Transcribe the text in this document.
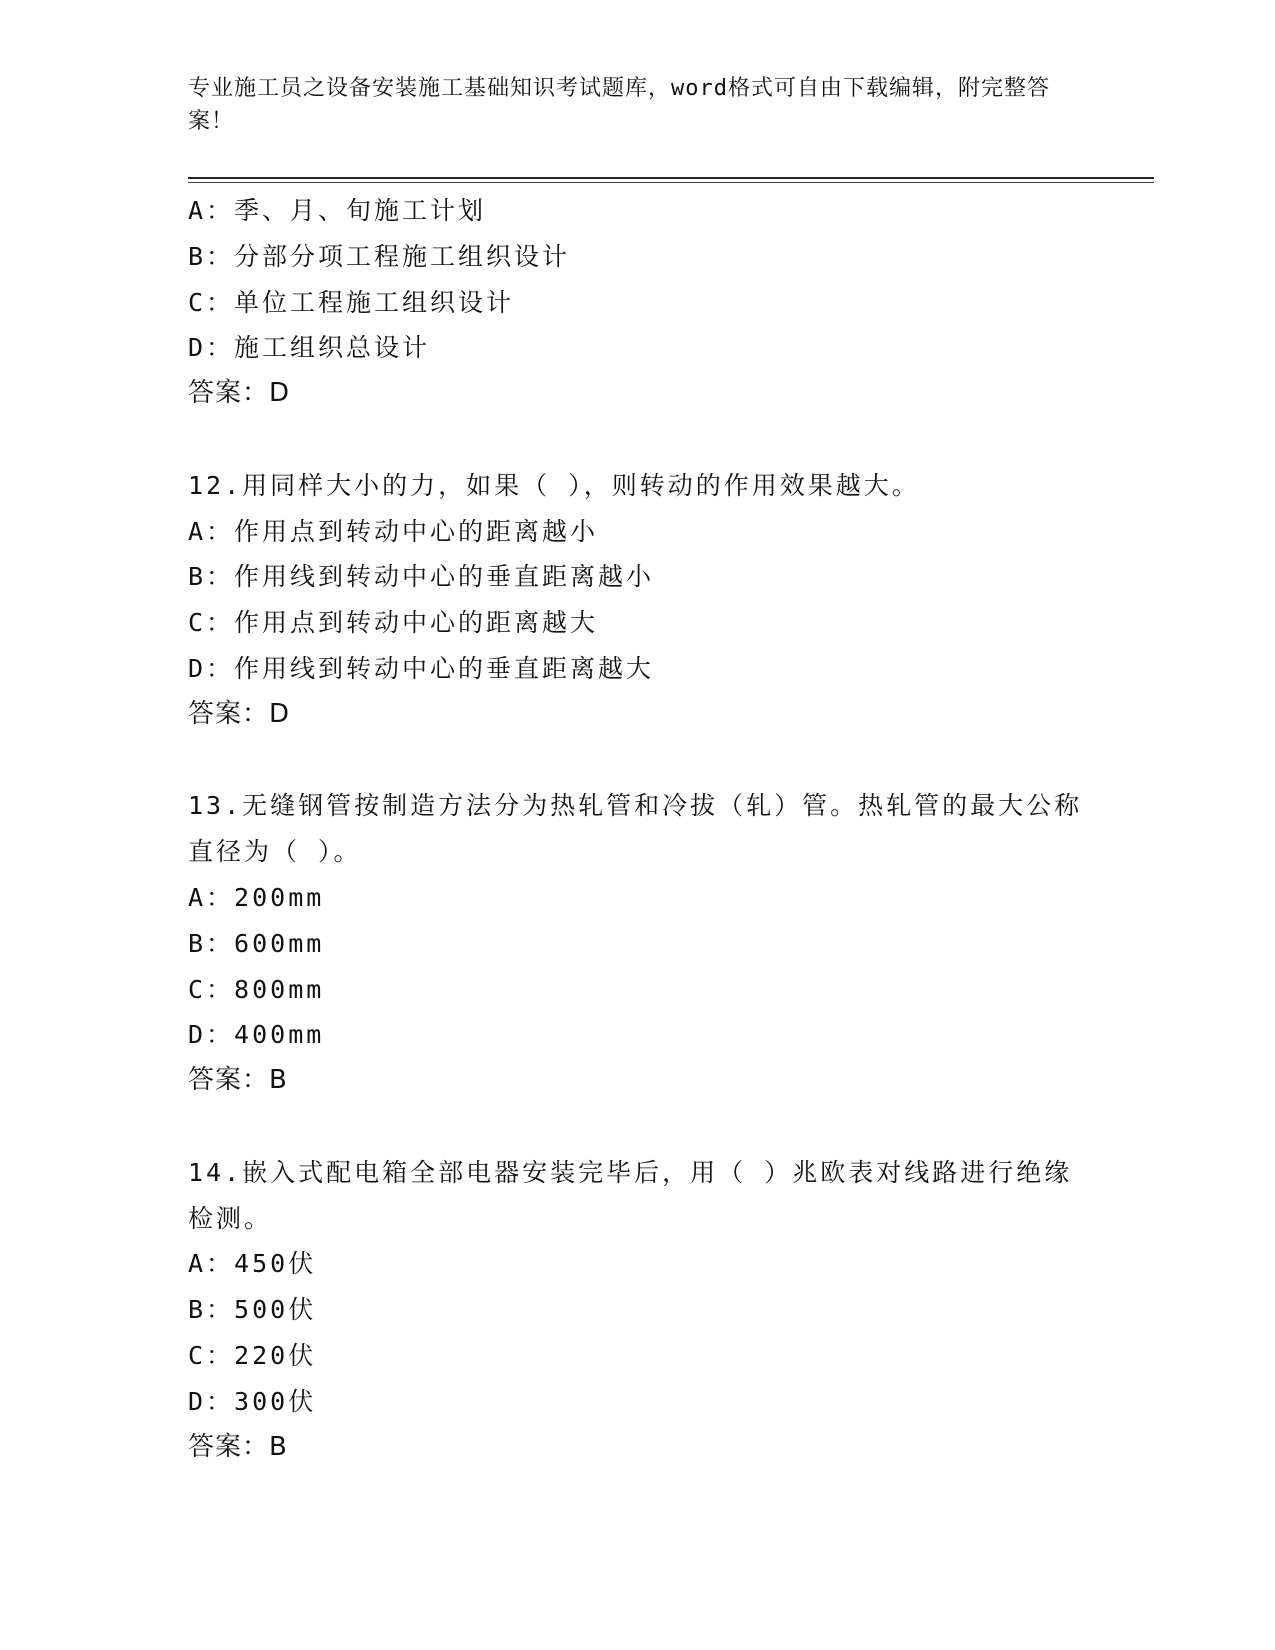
专业施工员之设备安装施工基础知识考试题库，word格式可自由下载编辑，附完整答案！
A：季、月、旬施工计划
B：分部分项工程施工组织设计
C：单位工程施工组织设计
D：施工组织总设计
答案：D
12.用同样大小的力，如果（ ），则转动的作用效果越大。
A：作用点到转动中心的距离越小
B：作用线到转动中心的垂直距离越小
C：作用点到转动中心的距离越大
D：作用线到转动中心的垂直距离越大
答案：D
13.无缝钢管按制造方法分为热轧管和冷拔（轧）管。热轧管的最大公称直径为（ ）。
A：200mm
B：600mm
C：800mm
D：400mm
答案：B
14.嵌入式配电箱全部电器安装完毕后，用（ ）兆欧表对线路进行绝缘检测。
A：450伏
B：500伏
C：220伏
D：300伏
答案：B
